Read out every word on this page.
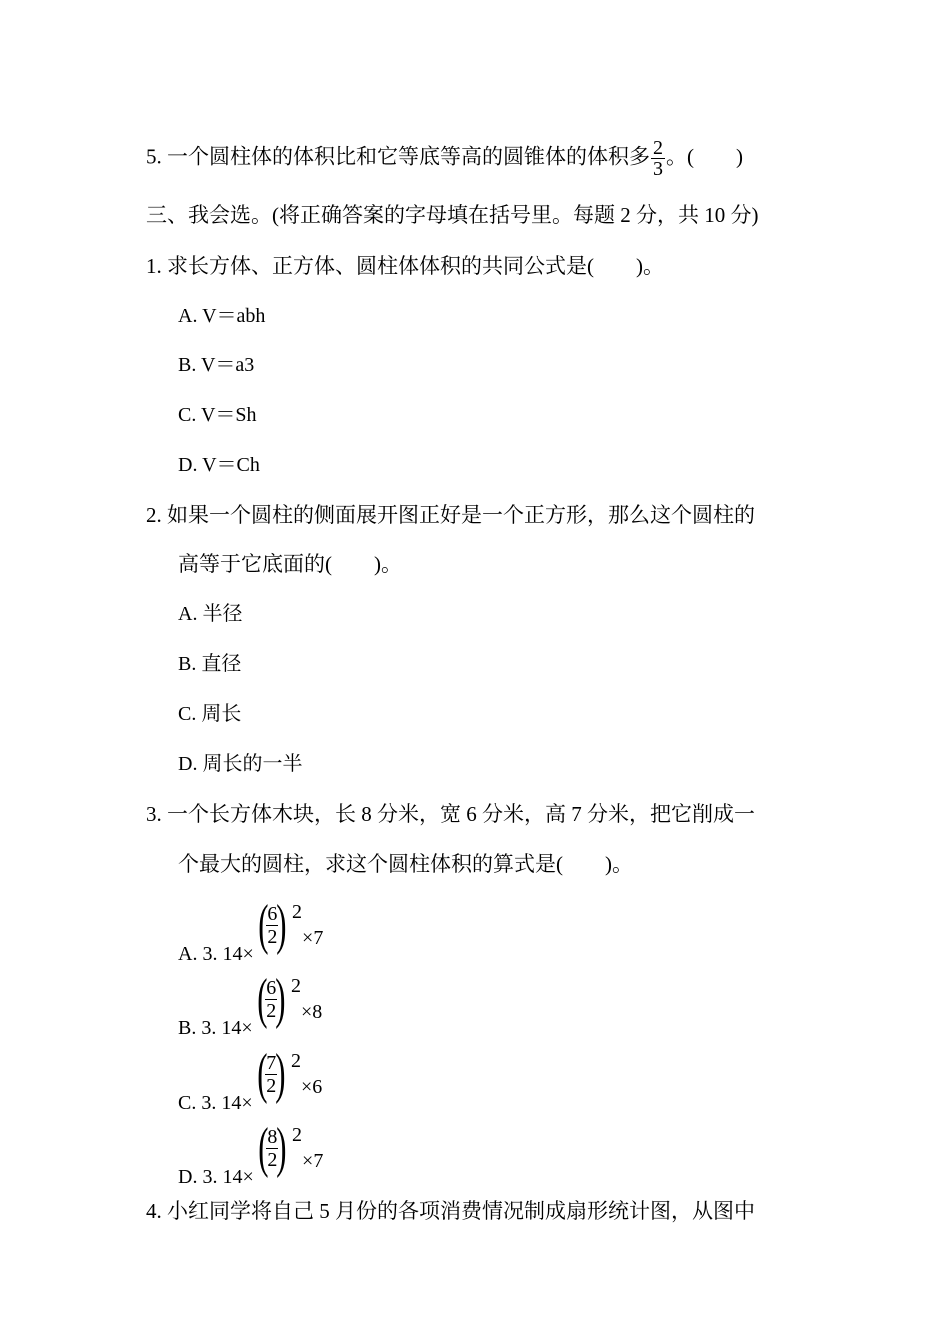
5. 一个圆柱体的体积比和它等底等高的圆锥体的体积多 $\frac{2}{3}$ 。(　　)
三、我会选。(将正确答案的字母填在括号里。每题 2 分，共 10 分)
1. 求长方体、正方体、圆柱体体积的共同公式是(　　)。
A. V＝abh
B. V＝a3
C. V＝Sh
D. V＝Ch
2. 如果一个圆柱的侧面展开图正好是一个正方形，那么这个圆柱的
高等于它底面的(　　)。
A. 半径
B. 直径
C. 周长
D. 周长的一半
3. 一个长方体木块，长 8 分米，宽 6 分米，高 7 分米，把它削成一
个最大的圆柱，求这个圆柱体积的算式是(　　)。
A. 3. 14× ( 6
2 ) 2×7
B. 3. 14× ( 6
2 ) 2×8
C. 3. 14× ( 7
2 ) 2×6
D. 3. 14× ( 8
2 ) 2×7
4. 小红同学将自己 5 月份的各项消费情况制成扇形统计图，从图中
